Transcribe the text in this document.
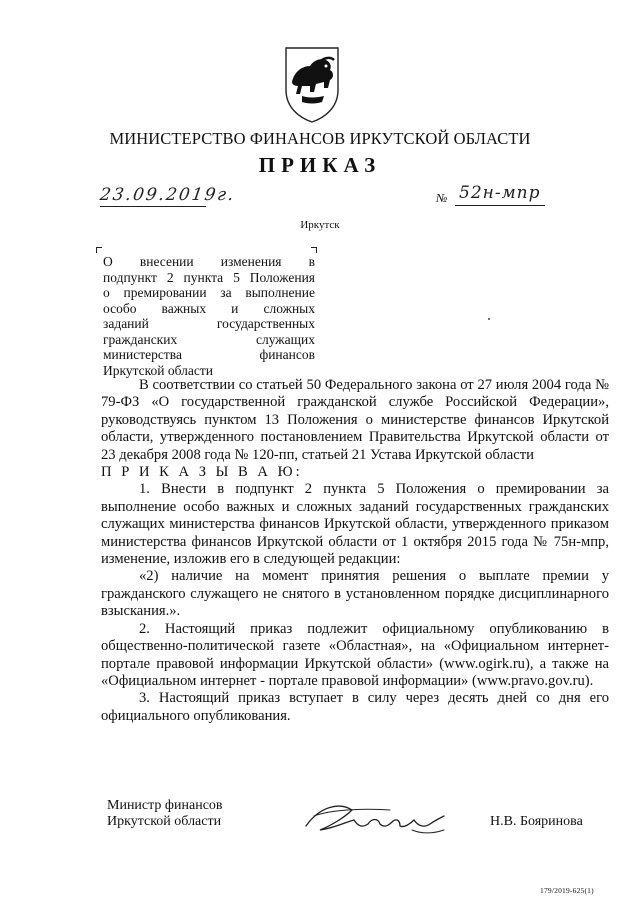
МИНИСТЕРСТВО ФИНАНСОВ ИРКУТСКОЙ ОБЛАСТИ
ПРИКАЗ
23.09.2019г.	№ 52н-мпр
Иркутск
О внесении изменения в
подпункт 2 пункта 5 Положения
о премировании за выполнение
особо важных и сложных
заданий государственных
гражданских служащих
министерства финансов
Иркутской области

В соответствии со статьей 50 Федерального закона от 27 июля 2004 года № 79-ФЗ «О государственной гражданской службе Российской Федерации», руководствуясь пунктом 13 Положения о министерстве финансов Иркутской области, утвержденного постановлением Правительства Иркутской области от 23 декабря 2008 года № 120-пп, статьей 21 Устава Иркутской области

П Р И К А З Ы В А Ю:

1. Внести в подпункт 2 пункта 5 Положения о премировании за выполнение особо важных и сложных заданий государственных гражданских служащих министерства финансов Иркутской области, утвержденного приказом министерства финансов Иркутской области от 1 октября 2015 года № 75н-мпр, изменение, изложив его в следующей редакции:

«2) наличие на момент принятия решения о выплате премии у гражданского служащего не снятого в установленном порядке дисциплинарного взыскания.».

2. Настоящий приказ подлежит официальному опубликованию в общественно-политической газете «Областная», на «Официальном интернет-портале правовой информации Иркутской области» (www.ogirk.ru), а также на «Официальном интернет - портале правовой информации» (www.pravo.gov.ru).

3. Настоящий приказ вступает в силу через десять дней со дня его официального опубликования.

Министр финансов
Иркутской области	Н.В. Бояринова
179/2019-625(1)
